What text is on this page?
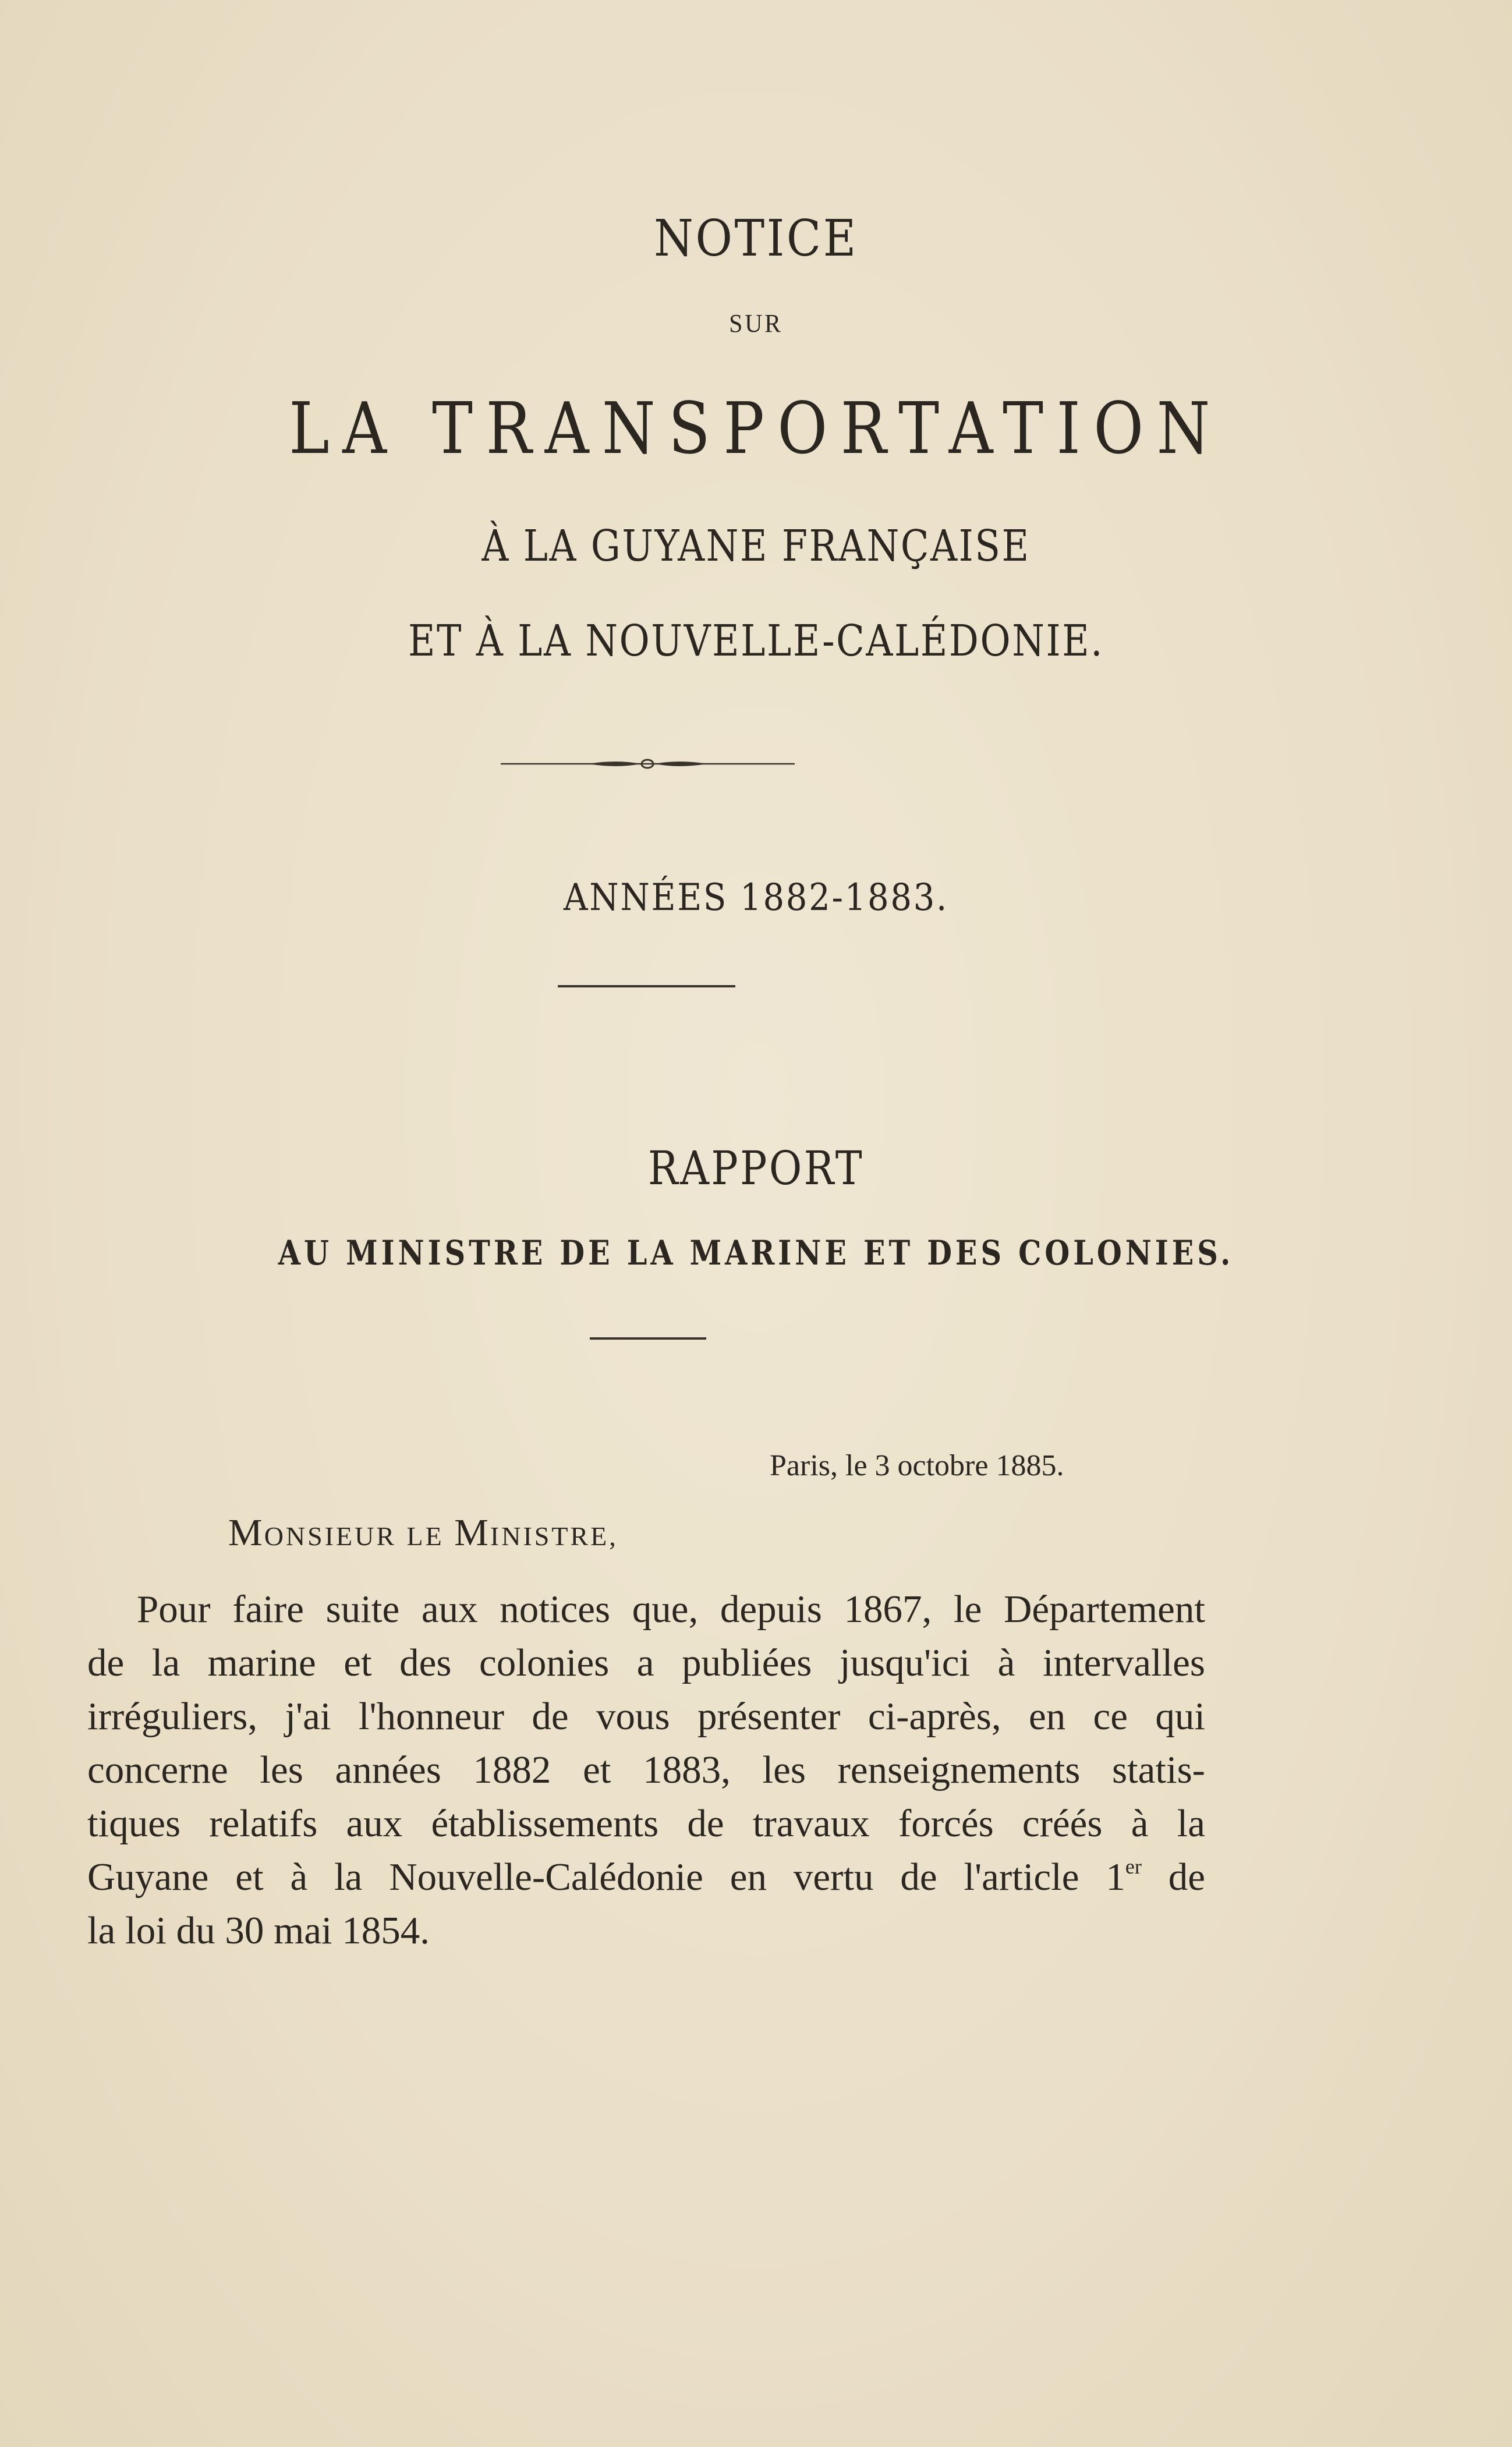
NOTICE
SUR
LA TRANSPORTATION
À LA GUYANE FRANÇAISE
ET À LA NOUVELLE-CALÉDONIE.
ANNÉES 1882-1883.
RAPPORT
AU MINISTRE DE LA MARINE ET DES COLONIES.
Paris, le 3 octobre 1885.
MONSIEUR LE MINISTRE,
Pour faire suite aux notices que, depuis 1867, le Département
de la marine et des colonies a publiées jusqu'ici à intervalles
irréguliers, j'ai l'honneur de vous présenter ci-après, en ce qui
concerne les années 1882 et 1883, les renseignements statis-
tiques relatifs aux établissements de travaux forcés créés à la
Guyane et à la Nouvelle-Calédonie en vertu de l'article 1er de
la loi du 30 mai 1854.
